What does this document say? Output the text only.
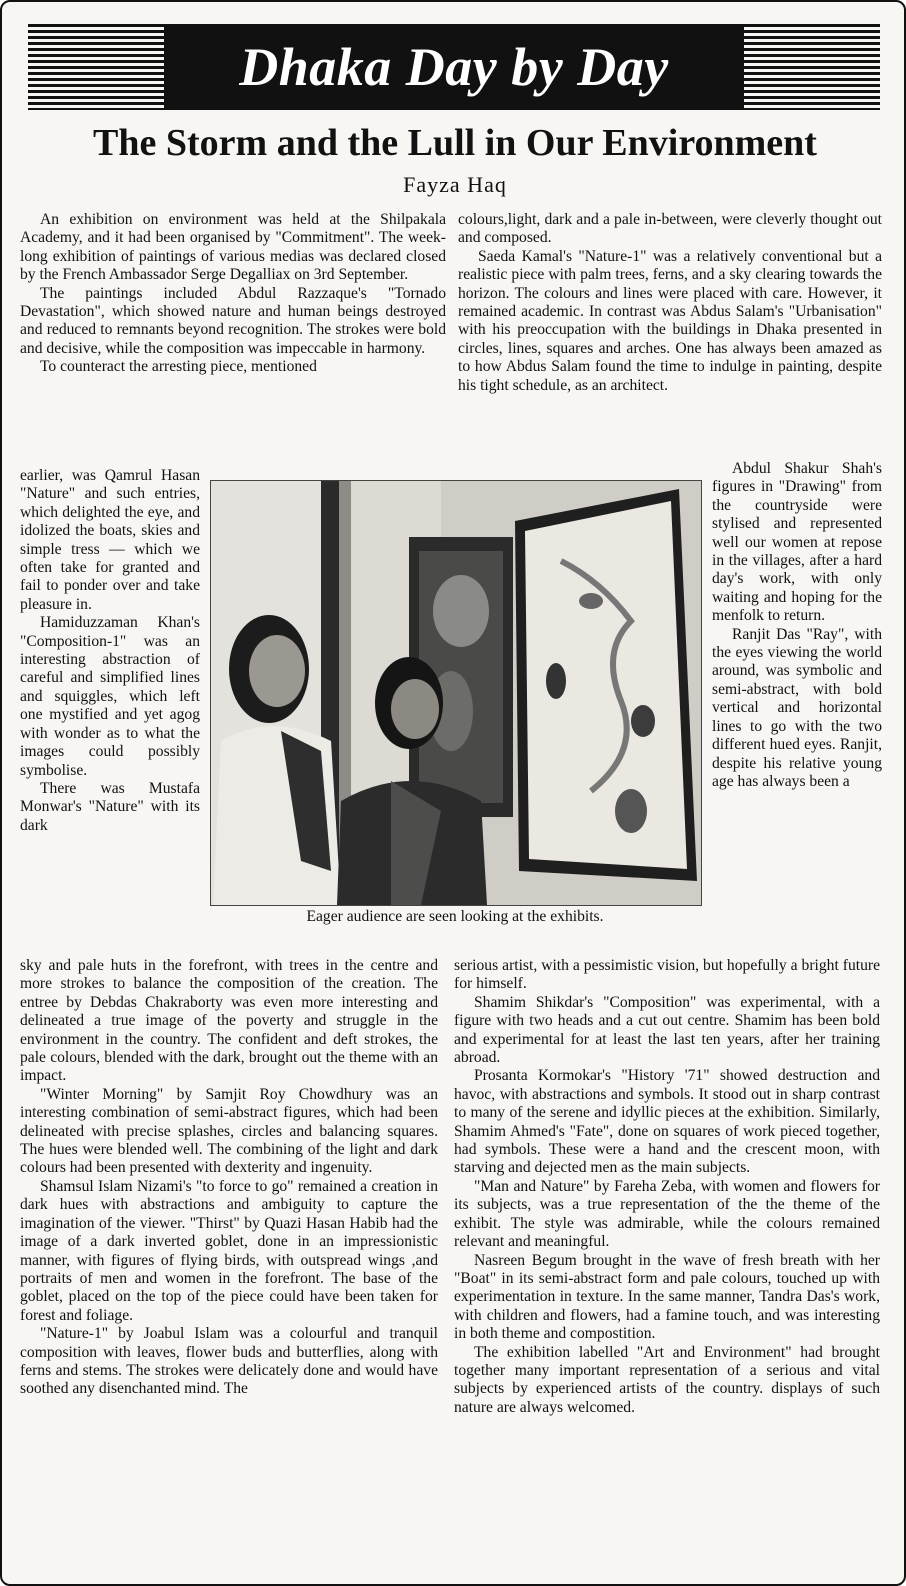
Dhaka Day by Day
The Storm and the Lull in Our Environment
Fayza Haq

An exhibition on environment was held at the Shilpakala Academy, and it had been organised by "Commitment". The week-long exhibition of paintings of various medias was declared closed by the French Ambassador Serge Degalliax on 3rd September.

The paintings included Abdul Razzaque's "Tornado Devastation", which showed nature and human beings destroyed and reduced to remnants beyond recognition. The strokes were bold and decisive, while the composition was impeccable in harmony.

To counteract the arresting piece, mentioned

earlier, was Qamrul Hasan "Nature" and such entries, which delighted the eye, and idolized the boats, skies and simple tress — which we often take for granted and fail to ponder over and take pleasure in.

Hamiduzzaman Khan's "Composition-1" was an interesting abstraction of careful and simplified lines and squiggles, which left one mystified and yet agog with wonder as to what the images could possibly symbolise.

There was Mustafa Monwar's "Nature" with its dark

sky and pale huts in the forefront, with trees in the centre and more strokes to balance the composition of the creation. The entree by Debdas Chakraborty was even more interesting and delineated a true image of the poverty and struggle in the environment in the country. The confident and deft strokes, the pale colours, blended with the dark, brought out the theme with an impact.

"Winter Morning" by Samjit Roy Chowdhury was an interesting combination of semi-abstract figures, which had been delineated with precise splashes, circles and balancing squares. The hues were blended well. The combining of the light and dark colours had been presented with dexterity and ingenuity.

Shamsul Islam Nizami's "to force to go" remained a creation in dark hues with abstractions and ambiguity to capture the imagination of the viewer. "Thirst" by Quazi Hasan Habib had the image of a dark inverted goblet, done in an impressionistic manner, with figures of flying birds, with outspread wings ,and portraits of men and women in the forefront. The base of the goblet, placed on the top of the piece could have been taken for forest and foliage.

"Nature-1" by Joabul Islam was a colourful and tranquil composition with leaves, flower buds and butterflies, along with ferns and stems. The strokes were delicately done and would have soothed any disenchanted mind. The

colours,light, dark and a pale in-between, were cleverly thought out and composed.

Saeda Kamal's "Nature-1" was a relatively conventional but a realistic piece with palm trees, ferns, and a sky clearing towards the horizon. The colours and lines were placed with care. However, it remained academic. In contrast was Abdus Salam's "Urbanisation" with his preoccupation with the buildings in Dhaka presented in circles, lines, squares and arches. One has always been amazed as to how Abdus Salam found the time to indulge in painting, despite his tight schedule, as an architect.

Abdul Shakur Shah's figures in "Drawing" from the countryside were stylised and represented well our women at repose in the villages, after a hard day's work, with only waiting and hoping for the menfolk to return.

Ranjit Das "Ray", with the eyes viewing the world around, was symbolic and semi-abstract, with bold vertical and horizontal lines to go with the two different hued eyes. Ranjit, despite his relative young age has always been a

serious artist, with a pessimistic vision, but hopefully a bright future for himself.

Shamim Shikdar's "Composition" was experimental, with a figure with two heads and a cut out centre. Shamim has been bold and experimental for at least the last ten years, after her training abroad.

Prosanta Kormokar's "History '71" showed destruction and havoc, with abstractions and symbols. It stood out in sharp contrast to many of the serene and idyllic pieces at the exhibition. Similarly, Shamim Ahmed's "Fate", done on squares of work pieced together, had symbols. These were a hand and the crescent moon, with starving and dejected men as the main subjects.

"Man and Nature" by Fareha Zeba, with women and flowers for its subjects, was a true representation of the the theme of the exhibit. The style was admirable, while the colours remained relevant and meaningful.

Nasreen Begum brought in the wave of fresh breath with her "Boat" in its semi-abstract form and pale colours, touched up with experimentation in texture. In the same manner, Tandra Das's work, with children and flowers, had a famine touch, and was interesting in both theme and compostition.

The exhibition labelled "Art and Environment" had brought together many important representation of a serious and vital subjects by experienced artists of the country. displays of such nature are always welcomed.

Eager audience are seen looking at the exhibits.
